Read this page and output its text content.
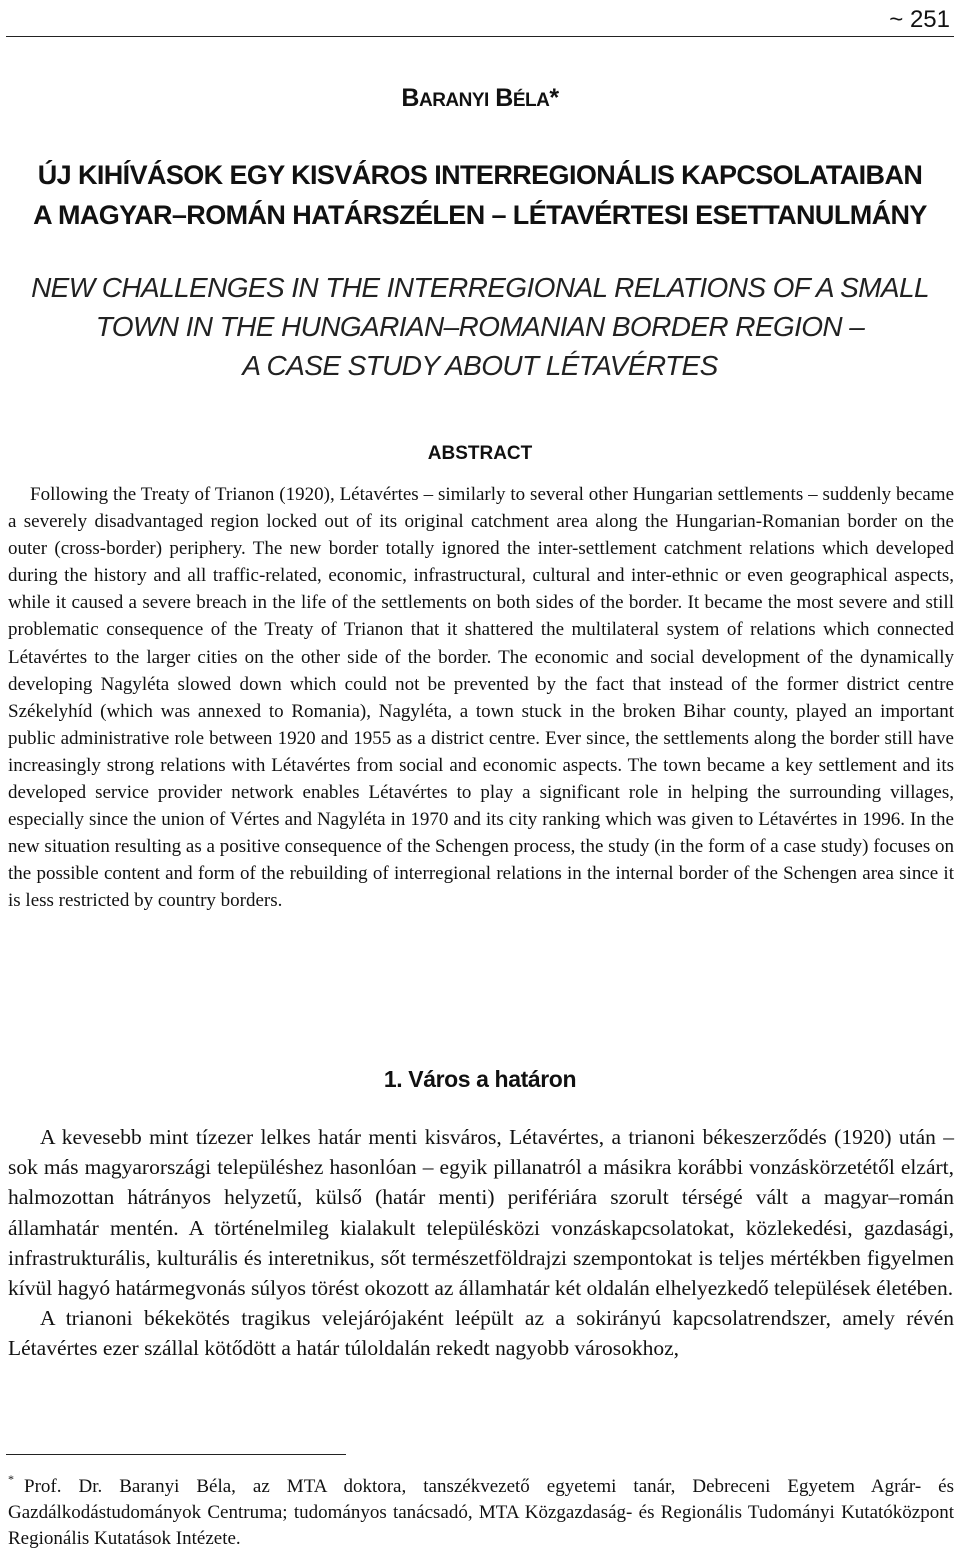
~ 251
BARANYI BÉLA*
ÚJ KIHÍVÁSOK EGY KISVÁROS INTERREGIONÁLIS KAPCSOLATAIBAN
A MAGYAR–ROMÁN HATÁRSZÉLEN – LÉTAVÉRTESI ESETTANULMÁNY
NEW CHALLENGES IN THE INTERREGIONAL RELATIONS OF A SMALL
TOWN IN THE HUNGARIAN–ROMANIAN BORDER REGION –
A CASE STUDY ABOUT LÉTAVÉRTES
ABSTRACT

Following the Treaty of Trianon (1920), Létavértes – similarly to several other Hungarian settlements – suddenly became a severely disadvantaged region locked out of its original catchment area along the Hungarian-Romanian border on the outer (cross-border) periphery. The new border totally ignored the inter-settlement catchment relations which developed during the history and all traffic-related, economic, infrastructural, cultural and inter-ethnic or even geographical aspects, while it caused a severe breach in the life of the settlements on both sides of the border. It became the most severe and still problematic consequence of the Treaty of Trianon that it shattered the multilateral system of relations which connected Létavértes to the larger cities on the other side of the border. The economic and social development of the dynamically developing Nagyléta slowed down which could not be prevented by the fact that instead of the former district centre Székelyhíd (which was annexed to Romania), Nagyléta, a town stuck in the broken Bihar county, played an important public administrative role between 1920 and 1955 as a district centre. Ever since, the settlements along the border still have increasingly strong relations with Létavértes from social and economic aspects. The town became a key settlement and its developed service provider network enables Létavértes to play a significant role in helping the surrounding villages, especially since the union of Vértes and Nagyléta in 1970 and its city ranking which was given to Létavértes in 1996. In the new situation resulting as a positive consequence of the Schengen process, the study (in the form of a case study) focuses on the possible content and form of the rebuilding of interregional relations in the internal border of the Schengen area since it is less restricted by country borders.

1. Város a határon

A kevesebb mint tízezer lelkes határ menti kisváros, Létavértes, a trianoni békeszerződés (1920) után – sok más magyarországi településhez hasonlóan – egyik pillanatról a másikra korábbi vonzáskörzetétől elzárt, halmozottan hátrányos helyzetű, külső (határ menti) perifériára szorult térségé vált a magyar–román államhatár mentén. A történelmileg kialakult településközi vonzáskapcsolatokat, közlekedési, gazdasági, infrastrukturális, kulturális és interetnikus, sőt természetföldrajzi szempontokat is teljes mértékben figyelmen kívül hagyó határmegvonás súlyos törést okozott az államhatár két oldalán elhelyezkedő települések életében.

A trianoni békekötés tragikus velejárójaként leépült az a sokirányú kapcsolatrendszer, amely révén Létavértes ezer szállal kötődött a határ túloldalán rekedt nagyobb városokhoz,

* Prof. Dr. Baranyi Béla, az MTA doktora, tanszékvezető egyetemi tanár, Debreceni Egyetem Agrár- és Gazdálkodástudományok Centruma; tudományos tanácsadó, MTA Közgazdaság- és Regionális Tudományi Kutatóközpont Regionális Kutatások Intézete.
